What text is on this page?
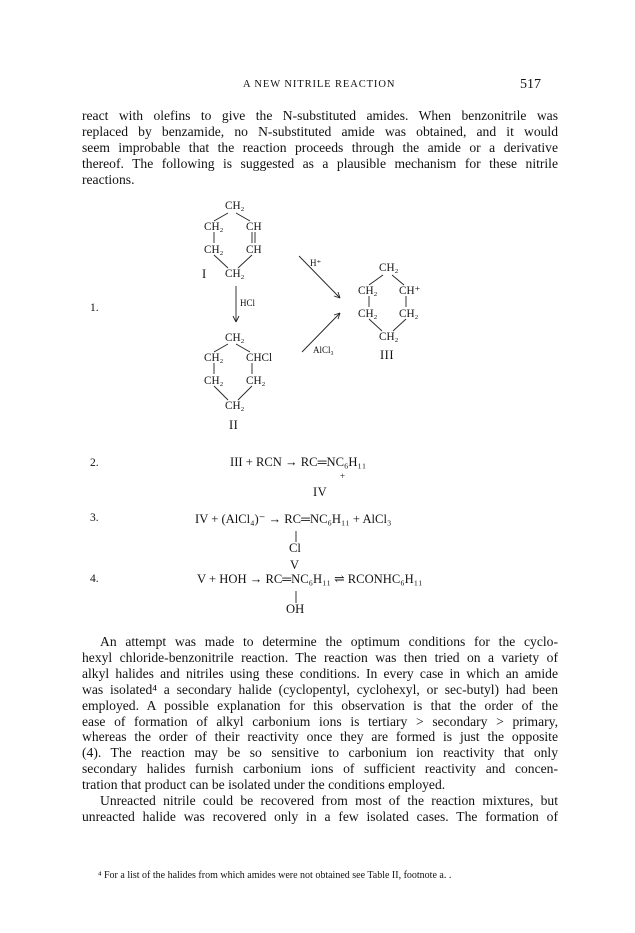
A NEW NITRILE REACTION	517
react with olefins to give the N-substituted amides. When benzonitrile was
replaced by benzamide, no N-substituted amide was obtained, and it would
seem improbable that the reaction proceeds through the amide or a derivative
thereof. The following is suggested as a plausible mechanism for these nitrile
reactions.
CH₂
CH₂ CH
CH₂ CH
CH₂
I
HCl
H⁺
AlCl₃
1.
CH₂
CH₂ CHCl
CH₂ CH₂
CH₂
II
CH₂
CH₂ CH⁺
CH₂ CH₂
CH₂
III
2.	III + RCN → RC═NC₆H₁₁
+
IV
3.	IV + (AlCl₄)⁻ → RC═NC₆H₁₁ + AlCl₃
Cl
V
4.	V + HOH → RC═NC₆H₁₁ ⇌ RCONHC₆H₁₁
OH
An attempt was made to determine the optimum conditions for the cyclo-
hexyl chloride-benzonitrile reaction. The reaction was then tried on a variety of
alkyl halides and nitriles using these conditions. In every case in which an amide
was isolated⁴ a secondary halide (cyclopentyl, cyclohexyl, or sec-butyl) had been
employed. A possible explanation for this observation is that the order of the
ease of formation of alkyl carbonium ions is tertiary > secondary > primary,
whereas the order of their reactivity once they are formed is just the opposite
(4). The reaction may be so sensitive to carbonium ion reactivity that only
secondary halides furnish carbonium ions of sufficient reactivity and concen-
tration that product can be isolated under the conditions employed.
Unreacted nitrile could be recovered from most of the reaction mixtures, but
unreacted halide was recovered only in a few isolated cases. The formation of
⁴ For a list of the halides from which amides were not obtained see Table II, footnote a. .
